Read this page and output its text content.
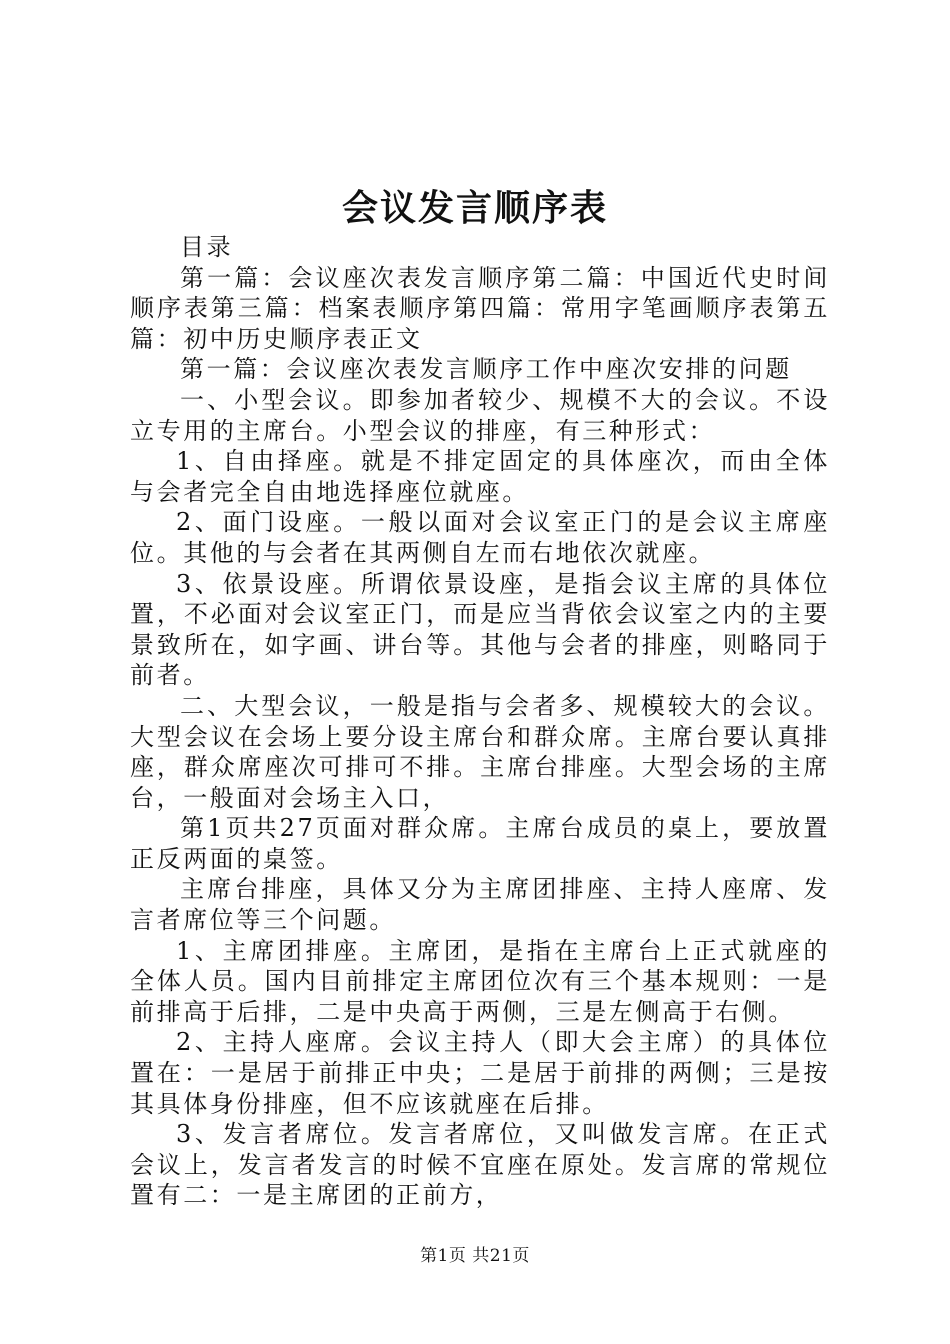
会议发言顺序表

目录

第一篇：会议座次表发言顺序第二篇：中国近代史时间顺序表第三篇：档案表顺序第四篇：常用字笔画顺序表第五篇：初中历史顺序表正文

第一篇：会议座次表发言顺序工作中座次安排的问题

一、小型会议。即参加者较少、规模不大的会议。不设立专用的主席台。小型会议的排座，有三种形式：

1、自由择座。就是不排定固定的具体座次，而由全体与会者完全自由地选择座位就座。

2、面门设座。一般以面对会议室正门的是会议主席座位。其他的与会者在其两侧自左而右地依次就座。

3、依景设座。所谓依景设座，是指会议主席的具体位置，不必面对会议室正门，而是应当背依会议室之内的主要景致所在，如字画、讲台等。其他与会者的排座，则略同于前者。

二、大型会议，一般是指与会者多、规模较大的会议。大型会议在会场上要分设主席台和群众席。主席台要认真排座，群众席座次可排可不排。主席台排座。大型会场的主席台，一般面对会场主入口，

第1页共27页面对群众席。主席台成员的桌上，要放置正反两面的桌签。

主席台排座，具体又分为主席团排座、主持人座席、发言者席位等三个问题。

1、主席团排座。主席团，是指在主席台上正式就座的全体人员。国内目前排定主席团位次有三个基本规则：一是前排高于后排，二是中央高于两侧，三是左侧高于右侧。

2、主持人座席。会议主持人（即大会主席）的具体位置在：一是居于前排正中央；二是居于前排的两侧；三是按其具体身份排座，但不应该就座在后排。

3、发言者席位。发言者席位，又叫做发言席。在正式会议上，发言者发言的时候不宜座在原处。发言席的常规位置有二：一是主席团的正前方，

第1页 共21页
